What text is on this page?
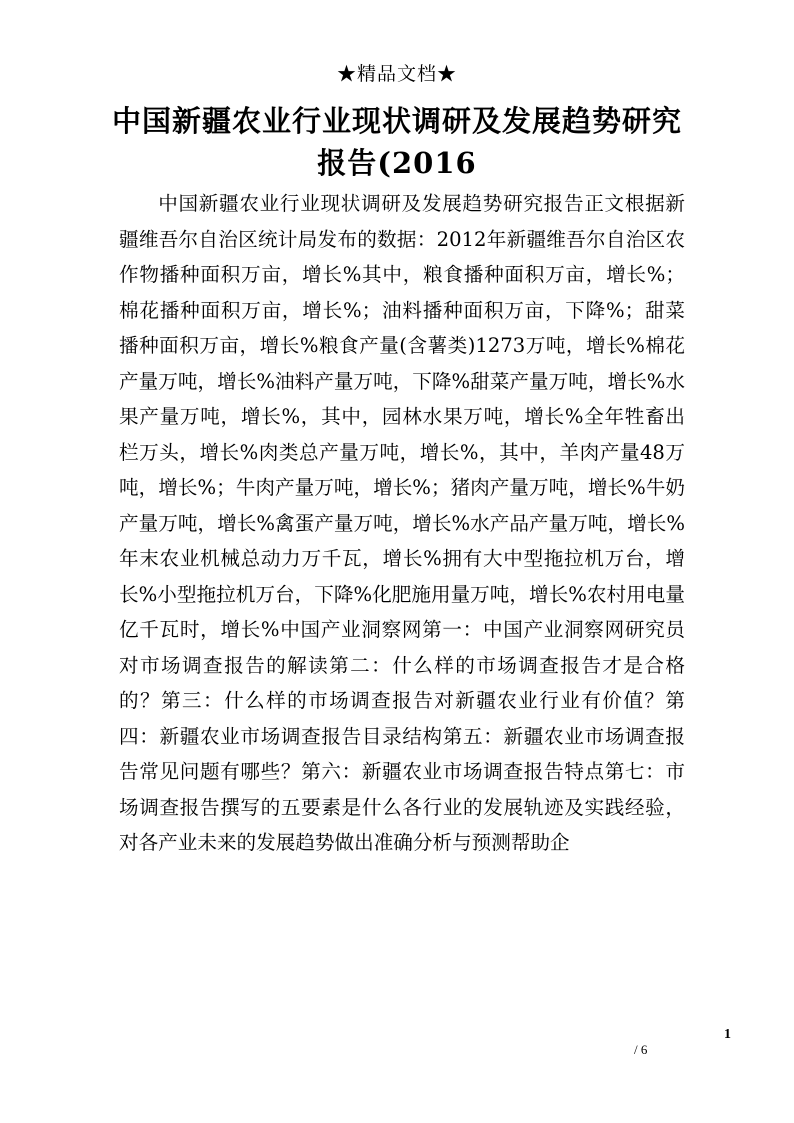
★精品文档★
中国新疆农业行业现状调研及发展趋势研究报告(2016

中国新疆农业行业现状调研及发展趋势研究报告正文根据新疆维吾尔自治区统计局发布的数据：2012年新疆维吾尔自治区农作物播种面积万亩，增长%其中，粮食播种面积万亩，增长%；棉花播种面积万亩，增长%；油料播种面积万亩，下降%；甜菜播种面积万亩，增长%粮食产量(含薯类)1273万吨，增长%棉花产量万吨，增长%油料产量万吨，下降%甜菜产量万吨，增长%水果产量万吨，增长%，其中，园林水果万吨，增长%全年牲畜出栏万头，增长%肉类总产量万吨，增长%，其中，羊肉产量48万吨，增长%；牛肉产量万吨，增长%；猪肉产量万吨，增长%牛奶产量万吨，增长%禽蛋产量万吨，增长%水产品产量万吨，增长%年末农业机械总动力万千瓦，增长%拥有大中型拖拉机万台，增长%小型拖拉机万台，下降%化肥施用量万吨，增长%农村用电量亿千瓦时，增长%中国产业洞察网第一：中国产业洞察网研究员对市场调查报告的解读第二：什么样的市场调查报告才是合格的？第三：什么样的市场调查报告对新疆农业行业有价值？第四：新疆农业市场调查报告目录结构第五：新疆农业市场调查报告常见问题有哪些？第六：新疆农业市场调查报告特点第七：市场调查报告撰写的五要素是什么各行业的发展轨迹及实践经验，对各产业未来的发展趋势做出准确分析与预测帮助企

1
/ 6
